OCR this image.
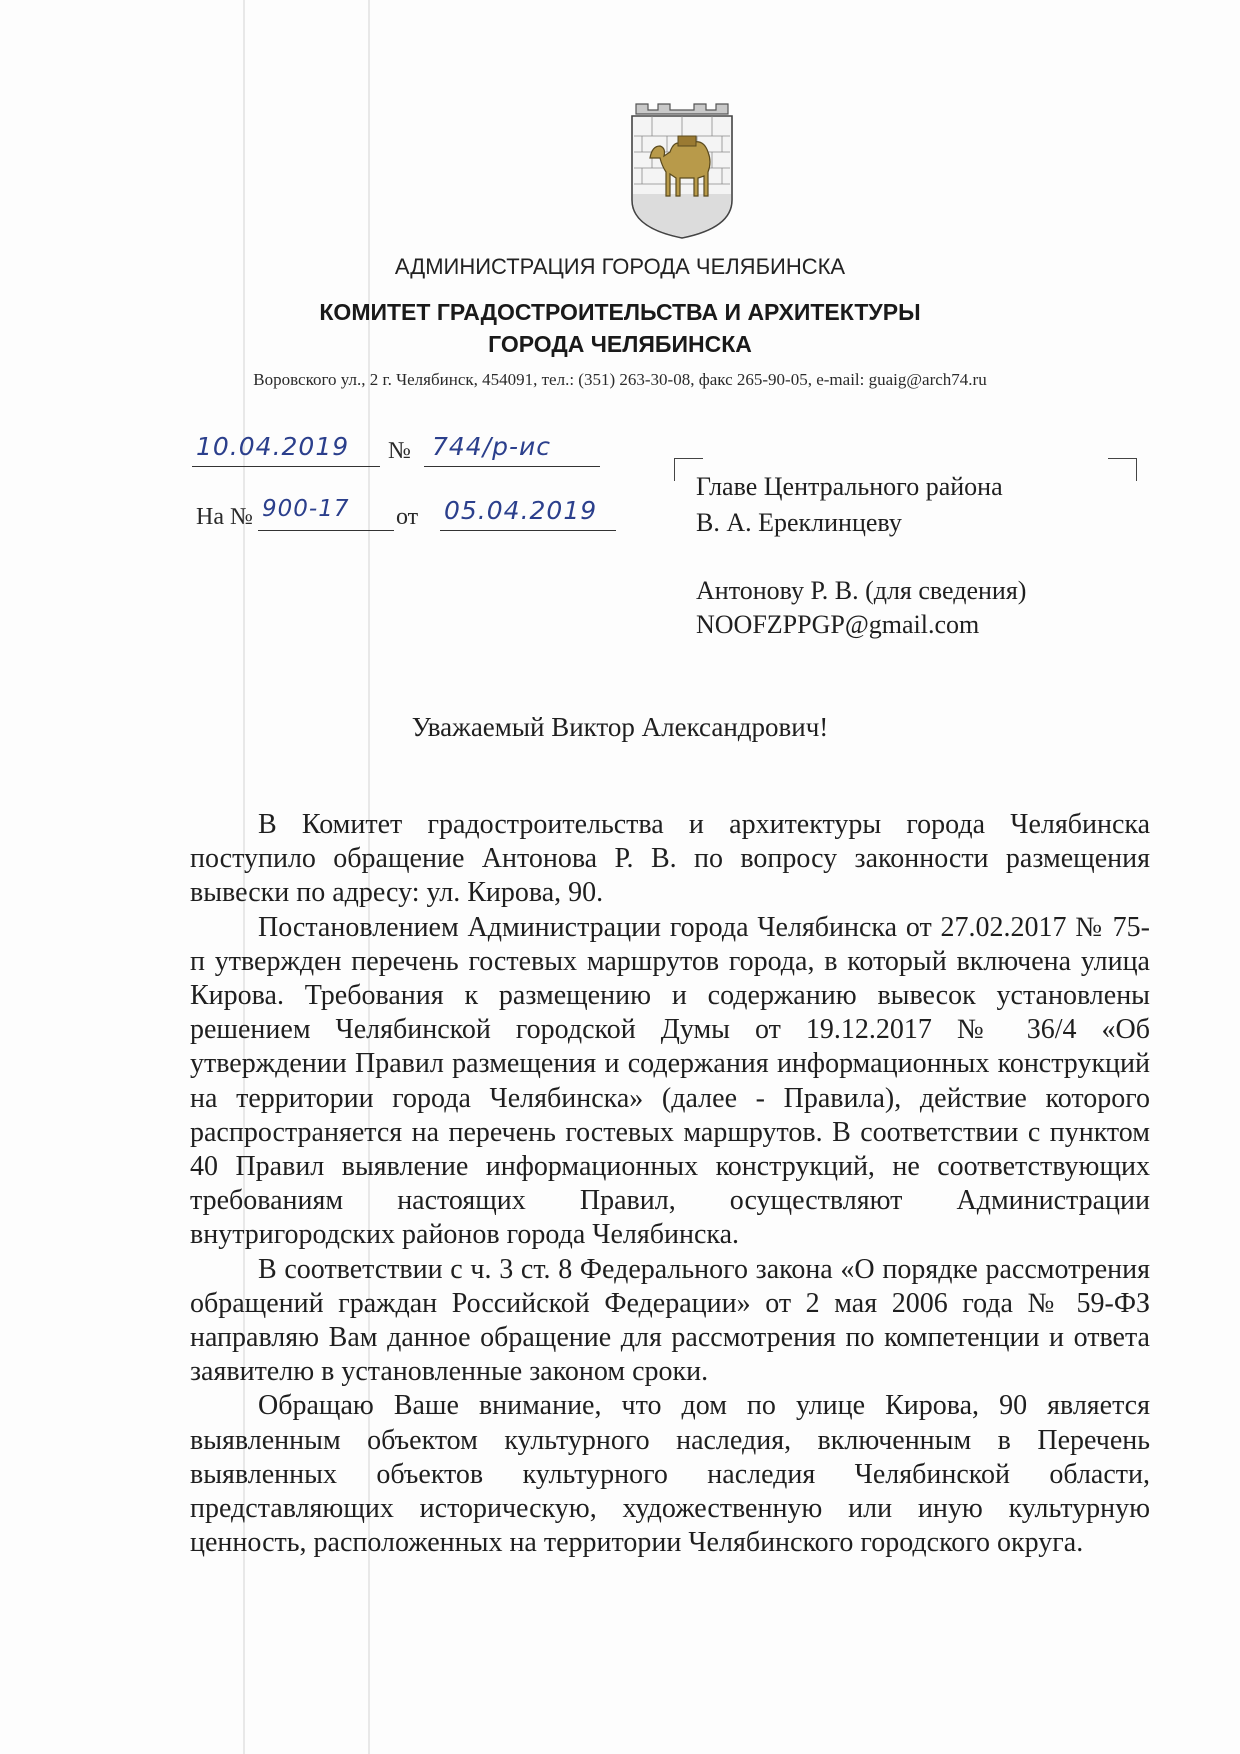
АДМИНИСТРАЦИЯ ГОРОДА ЧЕЛЯБИНСКА
КОМИТЕТ ГРАДОСТРОИТЕЛЬСТВА И АРХИТЕКТУРЫ
ГОРОДА ЧЕЛЯБИНСКА
Воровского ул., 2 г. Челябинск, 454091, тел.: (351) 263-30-08, факс 265-90-05, e-mail: guaig@arch74.ru
10.04.2019 № 744/р-ис
На № 900-17 от 05.04.2019
Главе Центрального района
В. А. Ереклинцеву
Антонову Р. В. (для сведения)
NOOFZPPGP@gmail.com
Уважаемый Виктор Александрович!

В Комитет градостроительства и архитектуры города Челябинска поступило обращение Антонова Р. В. по вопросу законности размещения вывески по адресу: ул. Кирова, 90.

Постановлением Администрации города Челябинска от 27.02.2017 № 75-п утвержден перечень гостевых маршрутов города, в который включена улица Кирова. Требования к размещению и содержанию вывесок установлены решением Челябинской городской Думы от 19.12.2017 № 36/4 «Об утверждении Правил размещения и содержания информационных конструкций на территории города Челябинска» (далее - Правила), действие которого распространяется на перечень гостевых маршрутов. В соответствии с пунктом 40 Правил выявление информационных конструкций, не соответствующих требованиям настоящих Правил, осуществляют Администрации внутригородских районов города Челябинска.

В соответствии с ч. 3 ст. 8 Федерального закона «О порядке рассмотрения обращений граждан Российской Федерации» от 2 мая 2006 года № 59-ФЗ направляю Вам данное обращение для рассмотрения по компетенции и ответа заявителю в установленные законом сроки.

Обращаю Ваше внимание, что дом по улице Кирова, 90 является выявленным объектом культурного наследия, включенным в Перечень выявленных объектов культурного наследия Челябинской области, представляющих историческую, художественную или иную культурную ценность, расположенных на территории Челябинского городского округа.
